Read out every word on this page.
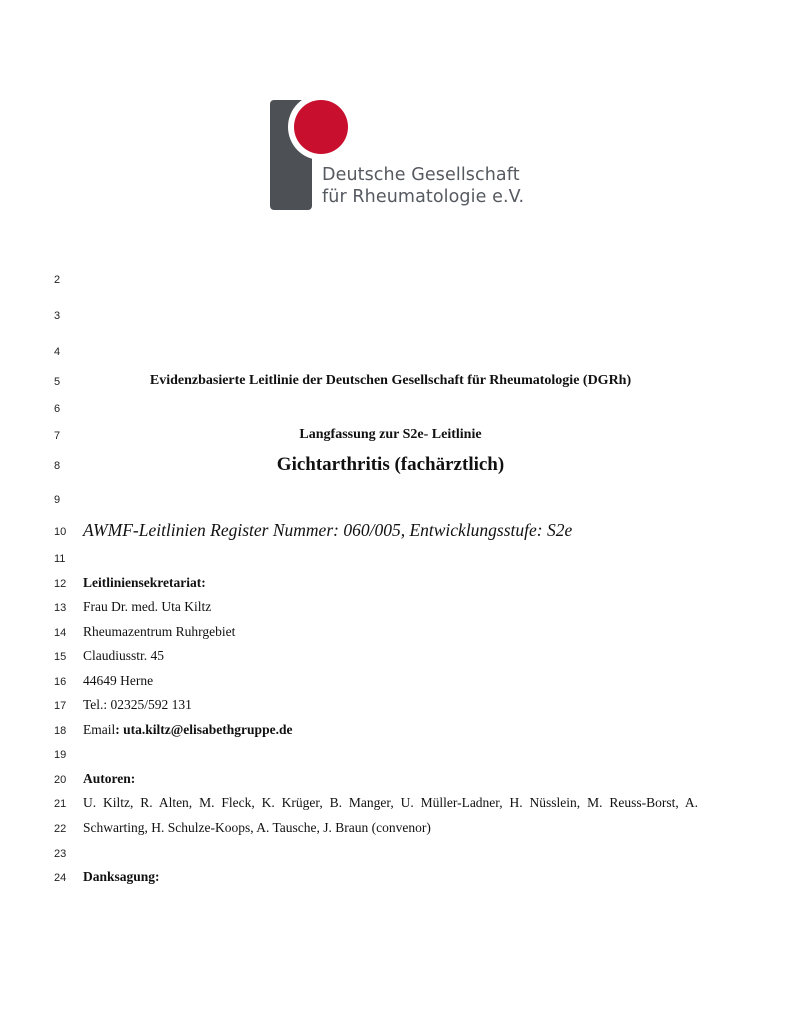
Deutsche Gesellschaft
für Rheumatologie e.V.
2
3
4
5
6
7
8
9
10
11
12
13
14
15
16
17
18
19
20
21
22
23
24
Evidenzbasierte Leitlinie der Deutschen Gesellschaft für Rheumatologie (DGRh)
Langfassung zur S2e- Leitlinie
Gichtarthritis (fachärztlich)
AWMF-Leitlinien Register Nummer: 060/005, Entwicklungsstufe: S2e
Leitliniensekretariat:
Frau Dr. med. Uta Kiltz
Rheumazentrum Ruhrgebiet
Claudiusstr. 45
44649 Herne
Tel.: 02325/592 131
Email: uta.kiltz@elisabethgruppe.de
Autoren:
U. Kiltz, R. Alten, M. Fleck, K. Krüger, B. Manger, U. Müller-Ladner, H. Nüsslein, M. Reuss-Borst, A.
Schwarting, H. Schulze-Koops, A. Tausche, J. Braun (convenor)
Danksagung:
